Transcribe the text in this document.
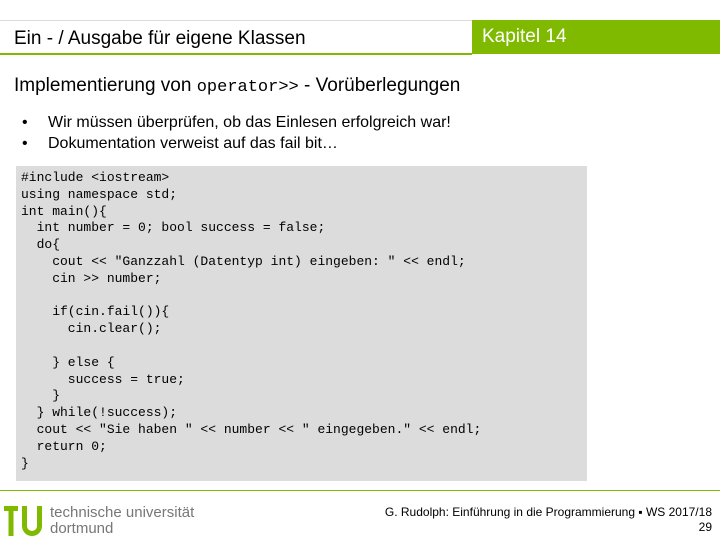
Ein - / Ausgabe für eigene Klassen	Kapitel 14
Implementierung von operator>> - Vorüberlegungen
• Wir müssen überprüfen, ob das Einlesen erfolgreich war!
• Dokumentation verweist auf das fail bit…
#include <iostream>
using namespace std;
int main(){
int number = 0; bool success = false;
do{
cout << "Ganzzahl (Datentyp int) eingeben: " << endl;
cin >> number;

if(cin.fail()){
cin.clear();

} else {
success = true;
}
} while(!success);
cout << "Sie haben " << number << " eingegeben." << endl;
return 0;
}
technische universität
dortmund
G. Rudolph: Einführung in die Programmierung ▪ WS 2017/18
29
